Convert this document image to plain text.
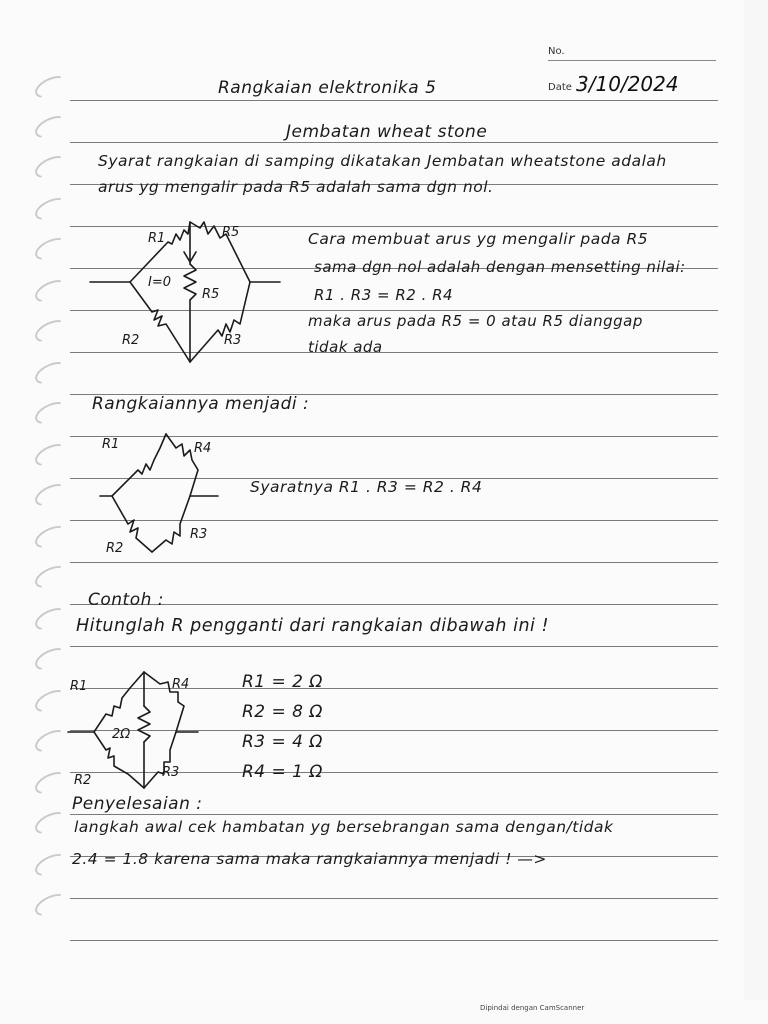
No.
Date 3/10/2024
Rangkaian elektronika 5
Jembatan wheat stone
Syarat rangkaian di samping dikatakan Jembatan wheatstone adalah
arus yg mengalir pada R5 adalah sama dgn nol.
R1	R5
I=0
R5
R2	R3
Cara membuat arus yg mengalir pada R5
sama dgn nol adalah dengan mensetting nilai:
R1 . R3 = R2 . R4
maka arus pada R5 = 0 atau R5 dianggap
tidak ada
Rangkaiannya menjadi :
R1	R4
R2
R3
Syaratnya R1 . R3 = R2 . R4
Contoh :
Hitunglah R pengganti dari rangkaian dibawah ini !
R1	R4
2Ω
R2
R3
R1 = 2 Ω
R2 = 8 Ω
R3 = 4 Ω
R4 = 1 Ω
Penyelesaian :
langkah awal cek hambatan yg bersebrangan sama dengan/tidak
2.4 = 1.8 karena sama maka rangkaiannya menjadi ! —>
Dipindai dengan CamScanner
